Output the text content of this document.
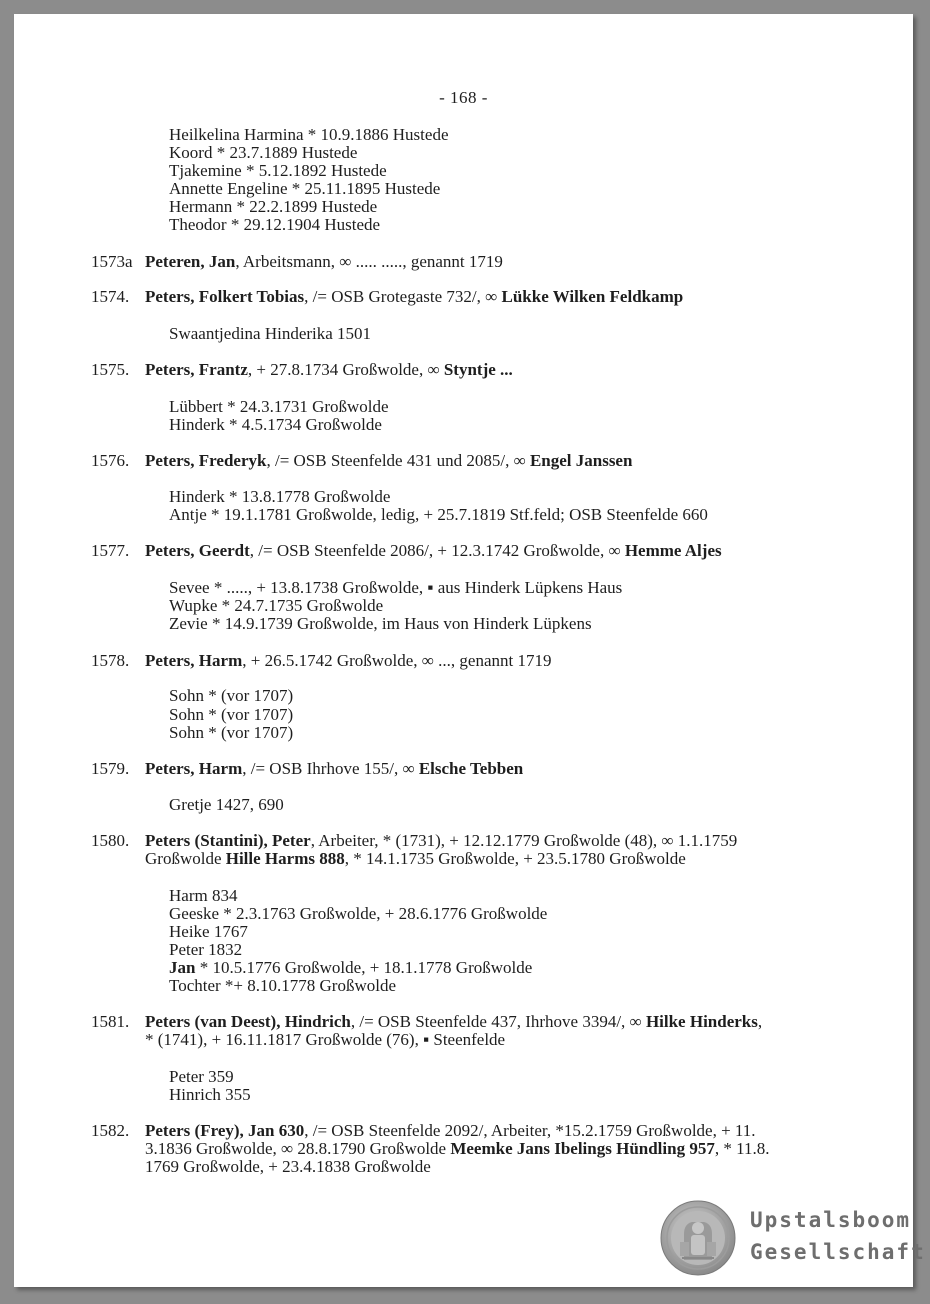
- 168 -
Heilkelina Harmina * 10.9.1886 Hustede
Koord * 23.7.1889 Hustede
Tjakemine * 5.12.1892 Hustede
Annette Engeline * 25.11.1895 Hustede
Hermann * 22.2.1899 Hustede
Theodor * 29.12.1904 Hustede
1573a Peteren, Jan, Arbeitsmann, ∞ ..... ....., genannt 1719
1574. Peters, Folkert Tobias, /= OSB Grotegaste 732/, ∞ Lükke Wilken Feldkamp
Swaantjedina Hinderika 1501
1575. Peters, Frantz, + 27.8.1734 Großwolde, ∞ Styntje ...
Lübbert * 24.3.1731 Großwolde
Hinderk * 4.5.1734 Großwolde
1576. Peters, Frederyk, /= OSB Steenfelde 431 und 2085/, ∞ Engel Janssen
Hinderk * 13.8.1778 Großwolde
Antje * 19.1.1781 Großwolde, ledig, + 25.7.1819 Stf.feld; OSB Steenfelde 660
1577. Peters, Geerdt, /= OSB Steenfelde 2086/, + 12.3.1742 Großwolde, ∞ Hemme Aljes
Sevee * ....., + 13.8.1738 Großwolde, ▪ aus Hinderk Lüpkens Haus
Wupke * 24.7.1735 Großwolde
Zevie * 14.9.1739 Großwolde, im Haus von Hinderk Lüpkens
1578. Peters, Harm, + 26.5.1742 Großwolde, ∞ ..., genannt 1719
Sohn * (vor 1707)
Sohn * (vor 1707)
Sohn * (vor 1707)
1579. Peters, Harm, /= OSB Ihrhove 155/, ∞ Elsche Tebben
Gretje 1427, 690
1580. Peters (Stantini), Peter, Arbeiter, * (1731), + 12.12.1779 Großwolde (48), ∞ 1.1.1759
Großwolde Hille Harms 888, * 14.1.1735 Großwolde, + 23.5.1780 Großwolde
Harm 834
Geeske * 2.3.1763 Großwolde, + 28.6.1776 Großwolde
Heike 1767
Peter 1832
Jan * 10.5.1776 Großwolde, + 18.1.1778 Großwolde
Tochter *+ 8.10.1778 Großwolde
1581. Peters (van Deest), Hindrich, /= OSB Steenfelde 437, Ihrhove 3394/, ∞ Hilke Hinderks,
* (1741), + 16.11.1817 Großwolde (76), ▪ Steenfelde
Peter 359
Hinrich 355
1582. Peters (Frey), Jan 630, /= OSB Steenfelde 2092/, Arbeiter, *15.2.1759 Großwolde, + 11.
3.1836 Großwolde, ∞ 28.8.1790 Großwolde Meemke Jans Ibelings Hündling 957, * 11.8.
1769 Großwolde, + 23.4.1838 Großwolde
Upstalsboom
Gesellschaft
